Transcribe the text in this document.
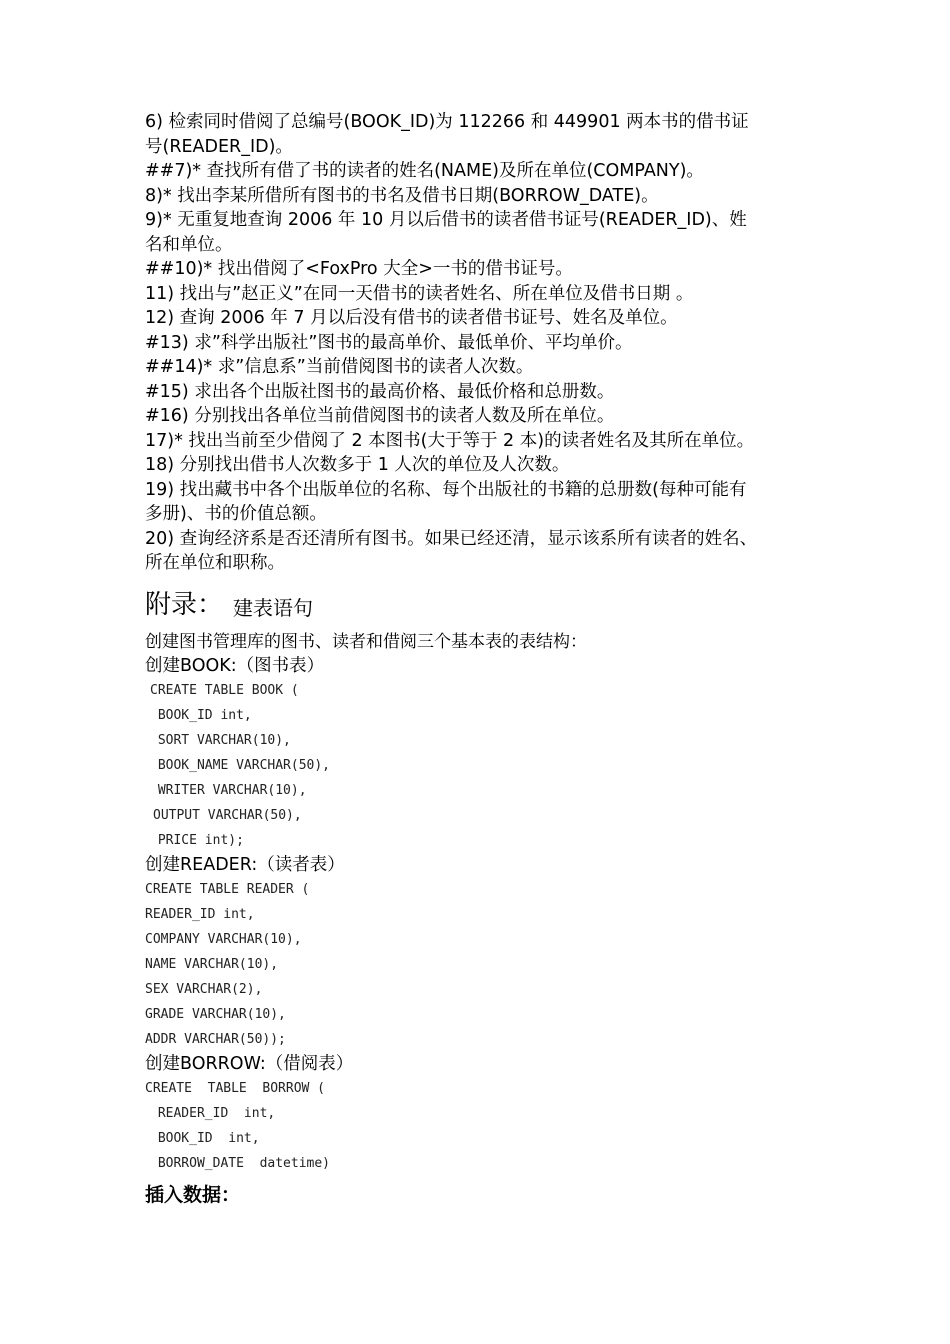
6) 检索同时借阅了总编号(BOOK_ID)为 112266 和 449901 两本书的借书证

号(READER_ID)。

##7)* 查找所有借了书的读者的姓名(NAME)及所在单位(COMPANY)。

8)* 找出李某所借所有图书的书名及借书日期(BORROW_DATE)。

9)* 无重复地查询 2006 年 10 月以后借书的读者借书证号(READER_ID)、姓

名和单位。

##10)* 找出借阅了<FoxPro 大全>一书的借书证号。

11) 找出与”赵正义”在同一天借书的读者姓名、所在单位及借书日期 。

12) 查询 2006 年 7 月以后没有借书的读者借书证号、姓名及单位。

#13) 求”科学出版社”图书的最高单价、最低单价、平均单价。

##14)* 求”信息系”当前借阅图书的读者人次数。

#15) 求出各个出版社图书的最高价格、最低价格和总册数。

#16) 分别找出各单位当前借阅图书的读者人数及所在单位。

17)* 找出当前至少借阅了 2 本图书(大于等于 2 本)的读者姓名及其所在单位。

18) 分别找出借书人次数多于 1 人次的单位及人次数。

19) 找出藏书中各个出版单位的名称、每个出版社的书籍的总册数(每种可能有

多册)、书的价值总额。

20) 查询经济系是否还清所有图书。如果已经还清，显示该系所有读者的姓名、

所在单位和职称。

附录： 建表语句
创建图书管理库的图书、读者和借阅三个基本表的表结构：
创建BOOK:（图书表）
CREATE TABLE BOOK (
BOOK_ID int,
SORT VARCHAR(10),
BOOK_NAME VARCHAR(50),
WRITER VARCHAR(10),
OUTPUT VARCHAR(50),
PRICE int);
创建READER:（读者表）
CREATE TABLE READER (
READER_ID int,
COMPANY VARCHAR(10),
NAME VARCHAR(10),
SEX VARCHAR(2),
GRADE VARCHAR(10),
ADDR VARCHAR(50));
创建BORROW:（借阅表）
CREATE  TABLE  BORROW (
READER_ID  int,
BOOK_ID  int,
BORROW_DATE  datetime)
插入数据：
